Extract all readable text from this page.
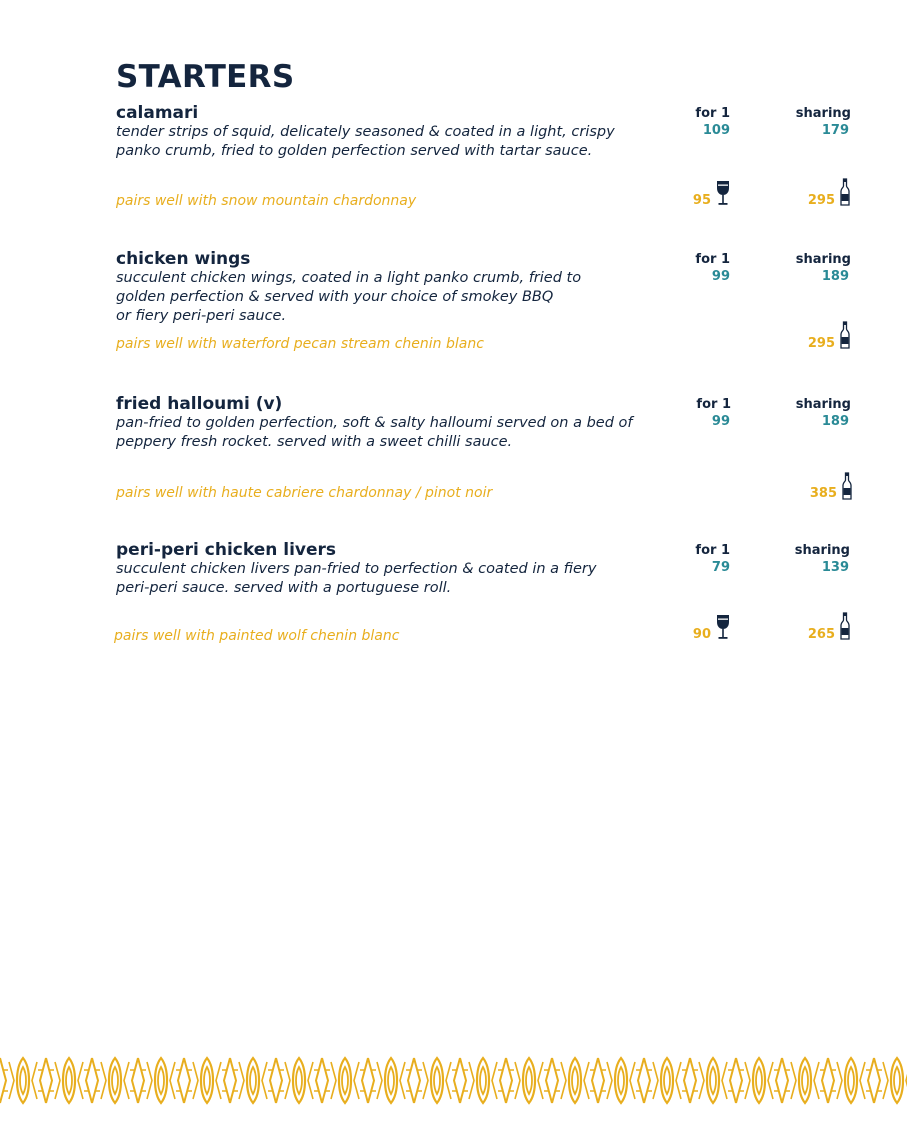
STARTERS
calamari	for 1	sharing
tender strips of squid, delicately seasoned & coated in a light, crispy
panko crumb, fried to golden perfection served with tartar sauce.
109	179
pairs well with snow mountain chardonnay	95	295
chicken wings	for 1	sharing
succulent chicken wings, coated in a light panko crumb, fried to
golden perfection & served with your choice of smokey BBQ
or fiery peri-peri sauce.
99	189
pairs well with waterford pecan stream chenin blanc	295
fried halloumi (v)	for 1	sharing
pan-fried to golden perfection, soft & salty halloumi served on a bed of
peppery fresh rocket. served with a sweet chilli sauce.
99	189
pairs well with haute cabriere chardonnay / pinot noir	385
peri-peri chicken livers	for 1	sharing
succulent chicken livers pan-fried to perfection & coated in a fiery
peri-peri sauce. served with a portuguese roll.
79	139
pairs well with painted wolf chenin blanc	90	265
